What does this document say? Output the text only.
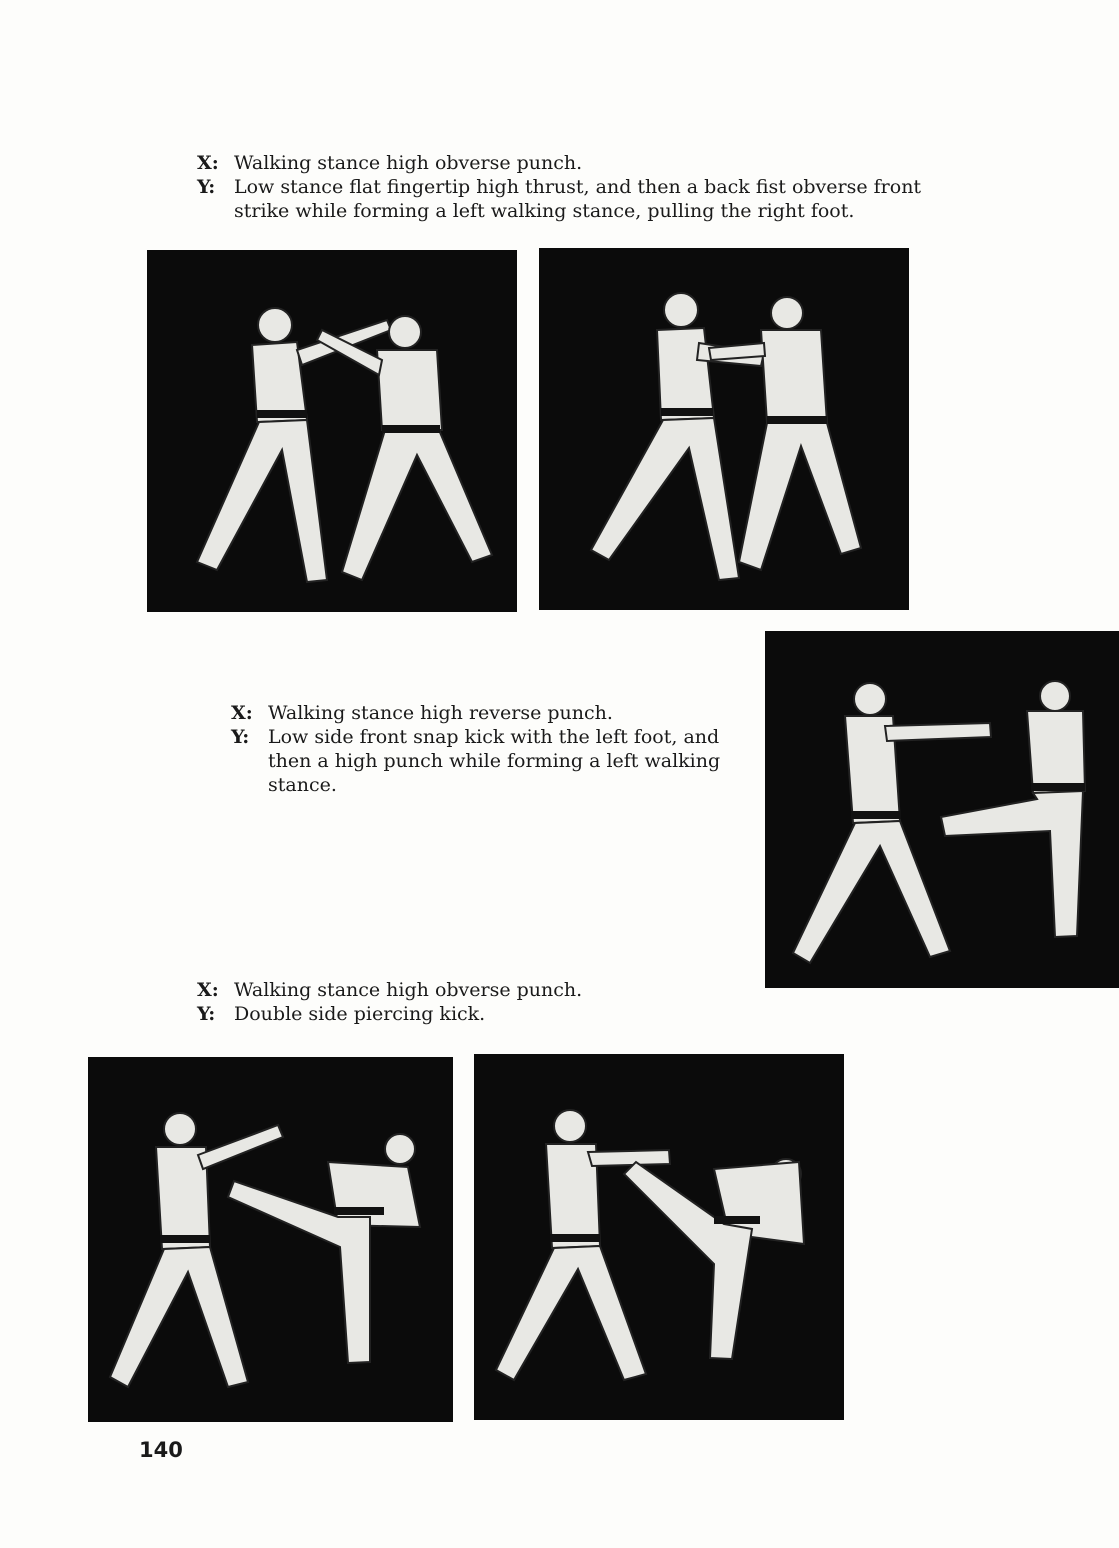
X: Walking stance high obverse punch.
Y: Low stance flat fingertip high thrust, and then a back fist obverse front strike while forming a left walking stance, pulling the right foot.
X: Walking stance high reverse punch.
Y: Low side front snap kick with the left foot, and then a high punch while forming a left walking stance.
X: Walking stance high obverse punch.
Y: Double side piercing kick.
140
